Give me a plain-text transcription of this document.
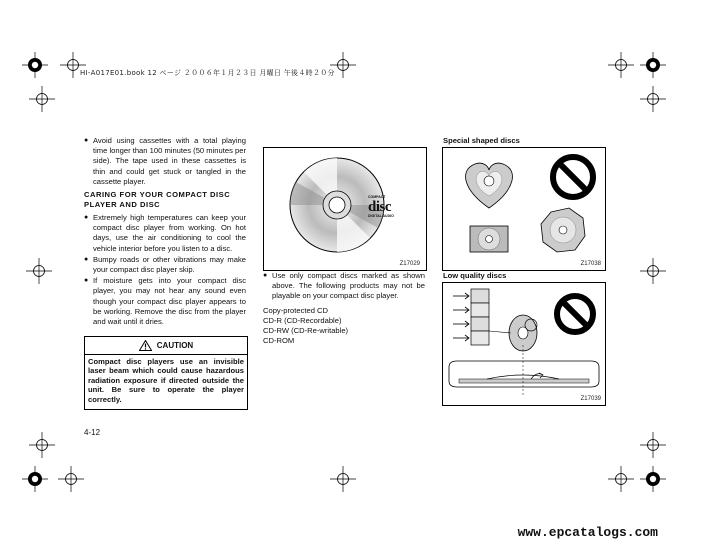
HI-A017E01.book 12 ページ ２００６年１月２３日 月曜日 午後４時２０分
● Avoid using cassettes with a total playing time longer than 100 minutes (50 minutes per side). The tape used in these cassettes is thin and could get stuck or tangled in the cassette player.
CARING FOR YOUR COMPACT DISC PLAYER AND DISC
● Extremely high temperatures can keep your compact disc player from working. On hot days, use the air conditioning to cool the vehicle interior before you listen to a disc.
● Bumpy roads or other vibrations may make your compact disc player skip.
● If moisture gets into your compact disc player, you may not hear any sound even though your compact disc player appears to be working. Remove the disc from the player and wait until it dries.
CAUTION
Compact disc players use an invisible laser beam which could cause hazardous radiation exposure if directed outside the unit. Be sure to operate the player correctly.
COMPACT
disc
DIGITAL AUDIO
Z17029
● Use only compact discs marked as shown above. The following products may not be playable on your compact disc player.
Copy-protected CD
CD-R (CD-Recordable)
CD-RW (CD-Re-writable)
CD-ROM
Special shaped discs
Z17038
Low quality discs
Z17039
4-12
www.epcatalogs.com
